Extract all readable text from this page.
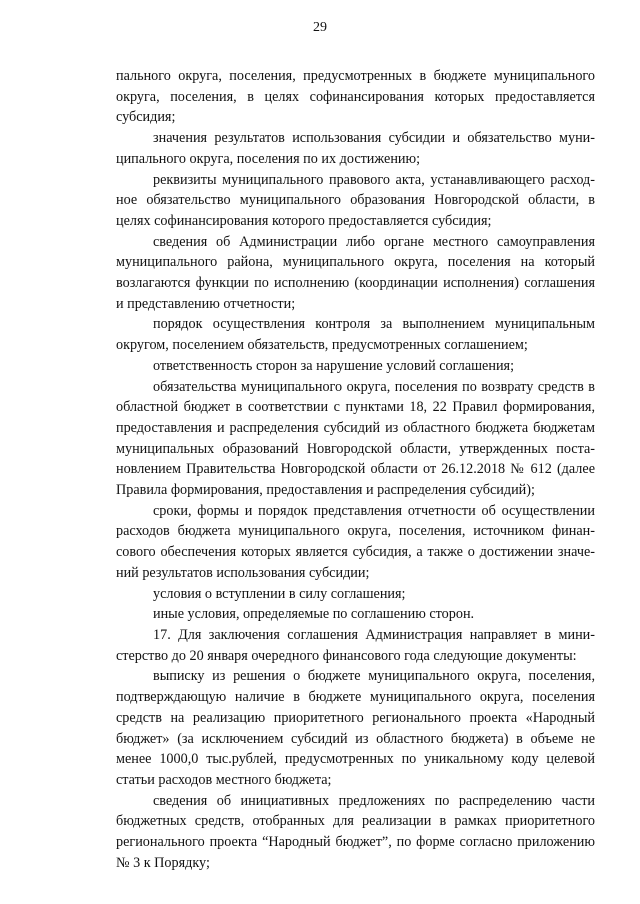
29

пального округа, поселения, предусмотренных в бюджете муниципального округа, поселения, в целях софинансирования которых предоставляется субсидия;

значения результатов использования субсидии и обязательство муниципального округа, поселения по их достижению;

реквизиты муниципального правового акта, устанавливающего расходное обязательство муниципального образования Новгородской области, в целях софинансирования которого предоставляется субсидия;

сведения об Администрации либо органе местного самоуправления муниципального района, муниципального округа, поселения на который возлагаются функции по исполнению (координации исполнения) соглашения и представлению отчетности;

порядок осуществления контроля за выполнением муниципальным округом, поселением обязательств, предусмотренных соглашением;

ответственность сторон за нарушение условий соглашения;

обязательства муниципального округа, поселения по возврату средств в областной бюджет в соответствии с пунктами 18, 22 Правил формирования, предоставления и распределения субсидий из областного бюджета бюджетам муниципальных образований Новгородской области, утвержденных постановлением Правительства Новгородской области от 26.12.2018 № 612 (далее Правила формирования, предоставления и распределения субсидий);

сроки, формы и порядок представления отчетности об осуществлении расходов бюджета муниципального округа, поселения, источником финансового обеспечения которых является субсидия, а также о достижении значений результатов использования субсидии;

условия о вступлении в силу соглашения;

иные условия, определяемые по соглашению сторон.

17. Для заключения соглашения Администрация направляет в министерство до 20 января очередного финансового года следующие документы:

выписку из решения о бюджете муниципального округа, поселения, подтверждающую наличие в бюджете муниципального округа, поселения средств на реализацию приоритетного регионального проекта «Народный бюджет» (за исключением субсидий из областного бюджета) в объеме не менее 1000,0 тыс.рублей, предусмотренных по уникальному коду целевой статьи расходов местного бюджета;

сведения об инициативных предложениях по распределению части бюджетных средств, отобранных для реализации в рамках приоритетного регионального проекта “Народный бюджет”, по форме согласно приложению № 3 к Порядку;
